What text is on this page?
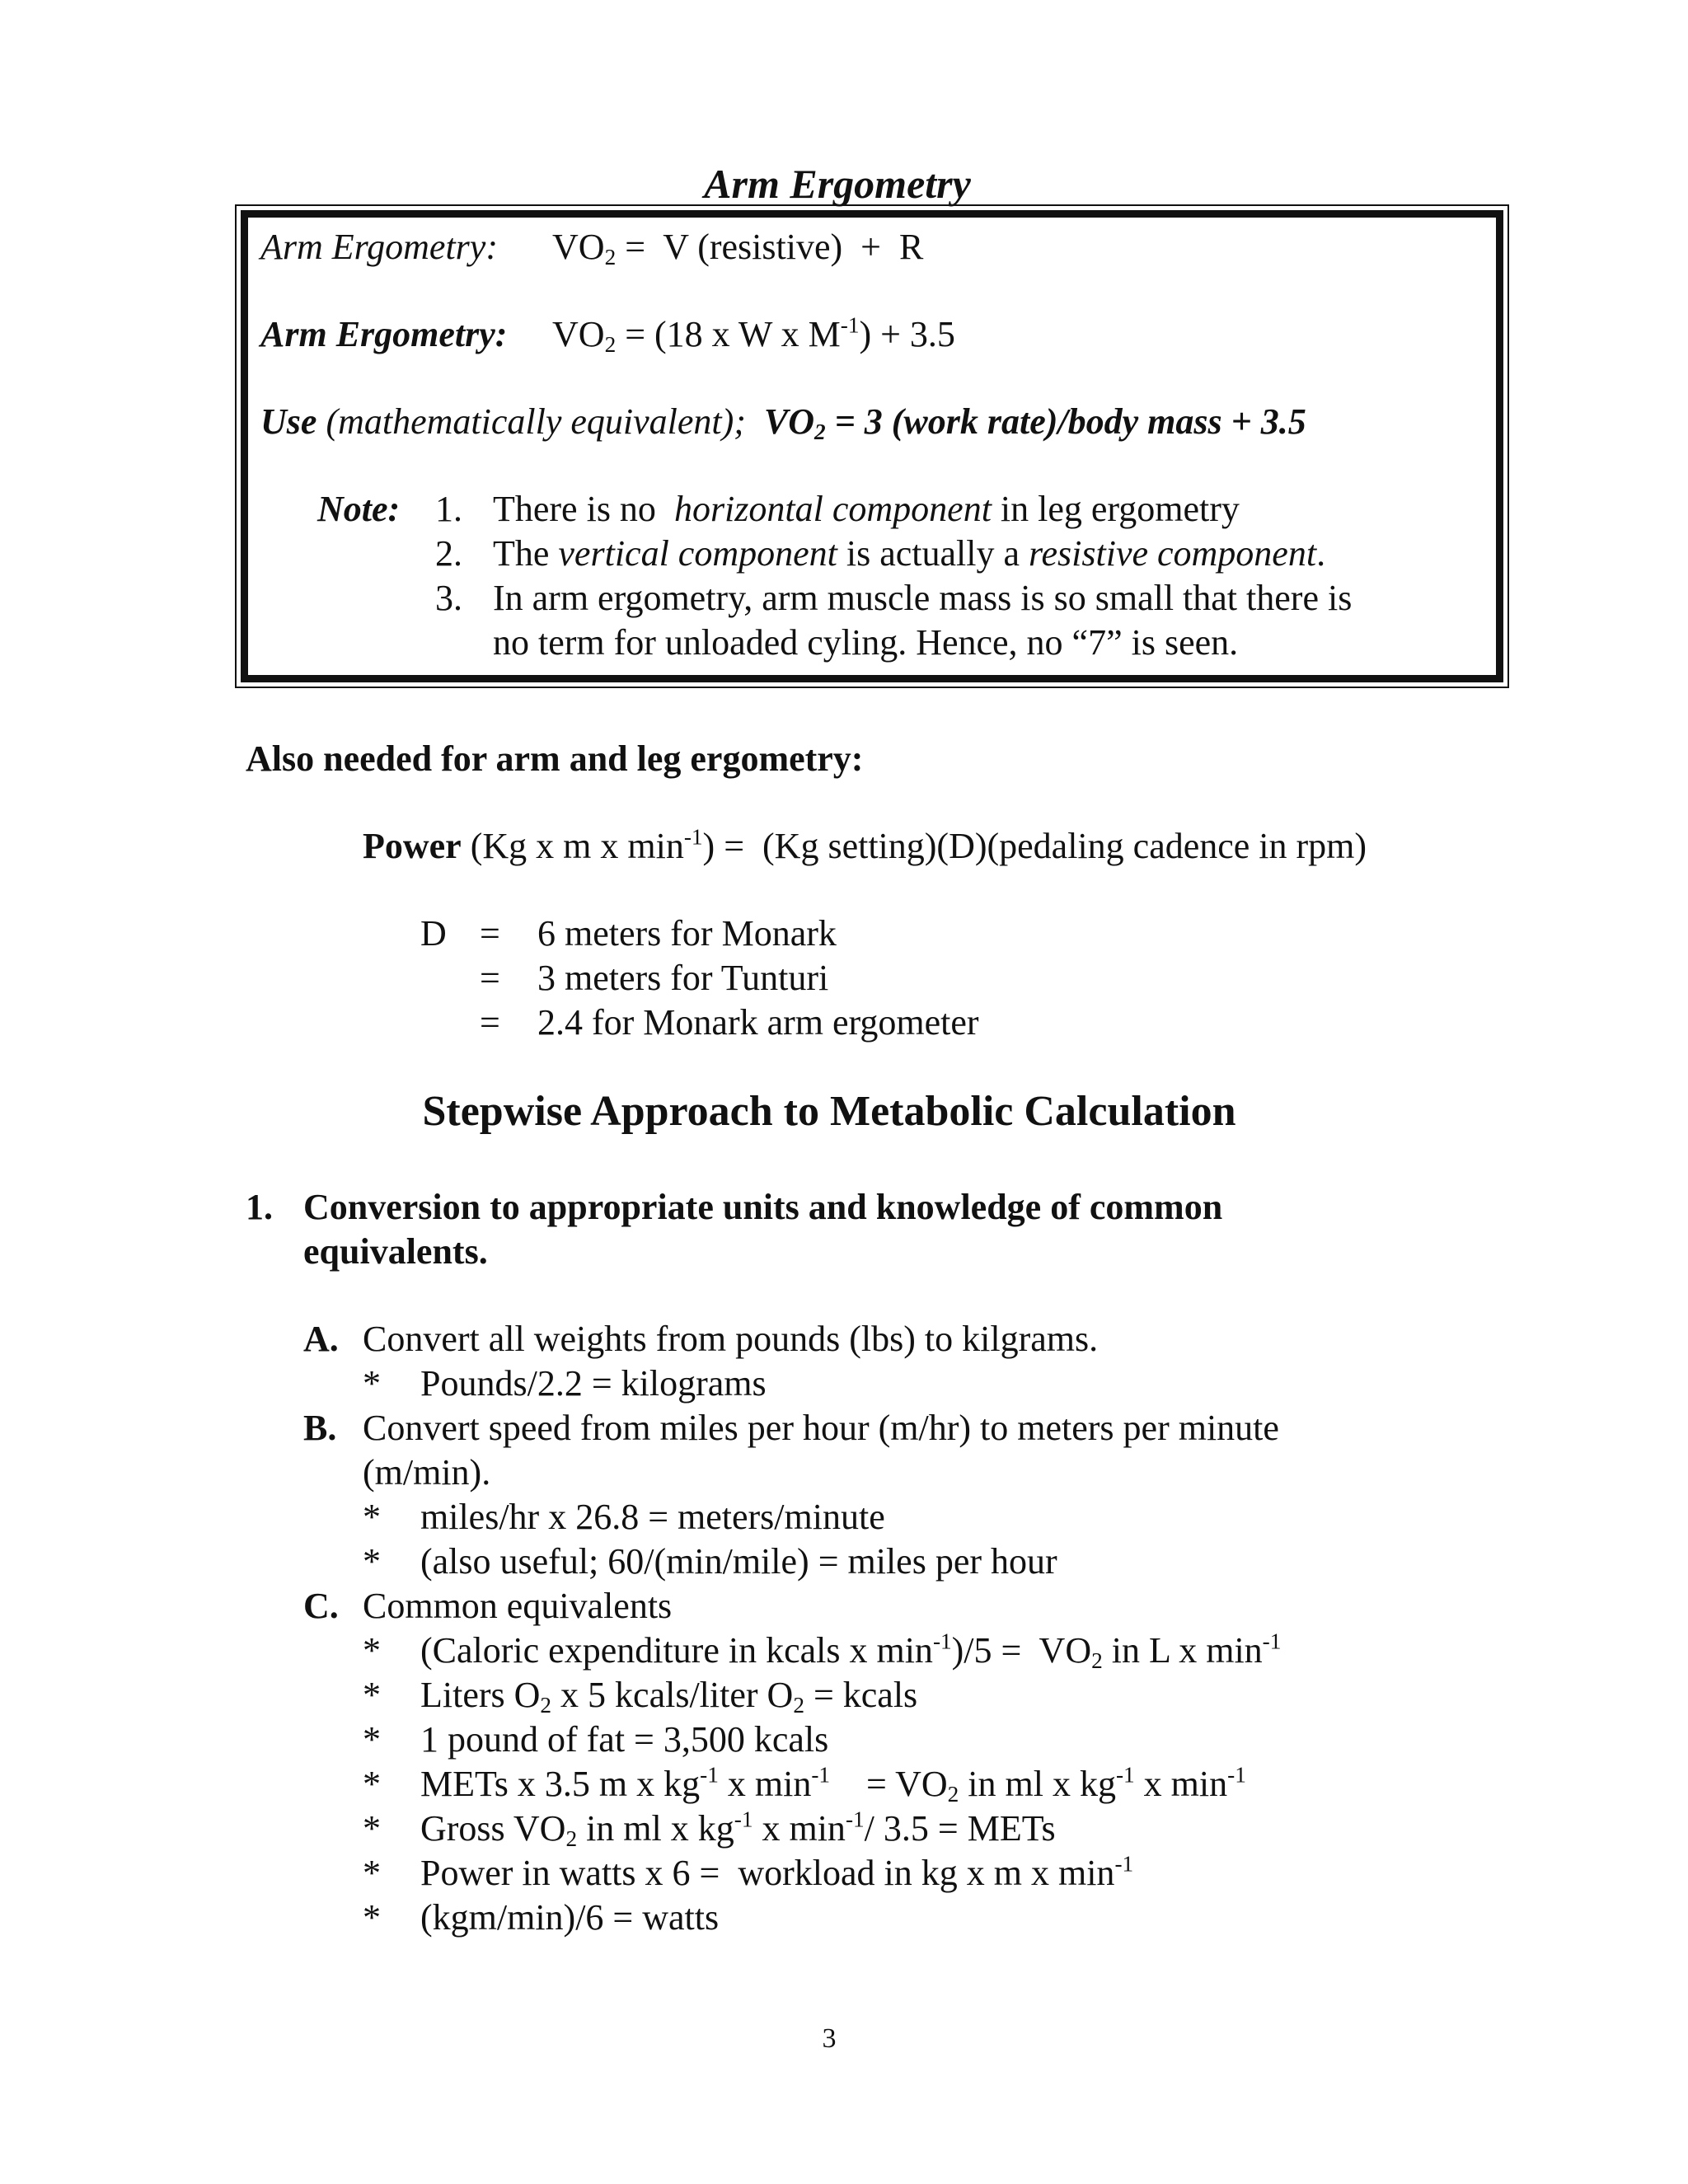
Arm Ergometry
Arm Ergometry: $VO_2 = V$ (resistive)  +  R
Arm Ergometry: $VO_2 = (18$ x W x $M^{-1}) + 3.5$
Use (mathematically equivalent);  $VO_2 = 3$ (work rate)/body mass + 3.5
Note: 1. There is no  horizontal component in leg ergometry
2. The vertical component is actually a resistive component.
3. In arm ergometry, arm muscle mass is so small that there is
no term for unloaded cyling. Hence, no “7” is seen.
Also needed for arm and leg ergometry:
Power (Kg x m x $\min^{-1}) = (Kg$ setting)(D)(pedaling cadence in rpm)
D = 6 meters for Monark
= 3 meters for Tunturi
= 2.4 for Monark arm ergometer
Stepwise Approach to Metabolic Calculation
1. Conversion to appropriate units and knowledge of common
equivalents.
A. Convert all weights from pounds (lbs) to kilgrams.
* Pounds/2.2 = kilograms
B. Convert speed from miles per hour (m/hr) to meters per minute
(m/min).
* miles/hr x 26.8 = meters/minute
* (also useful; 60/(min/mile) = miles per hour
C. Common equivalents
* (Caloric expenditure in kcals x $\min^{-1})/5 = VO_2$ in L x $\min^{-1}$
* Liters $O_2$ x 5 kcals/liter $O_2$ = kcals
* 1 pound of fat = 3,500 kcals
* METs x 3.5 m x $kg^{-1}$ x $\min^{-1}$    = $VO_2$ in ml x $kg^{-1}$ x $\min^{-1}$
* Gross $VO_2$ in ml x $kg^{-1}$ x $\min^{-1}/$ 3.5 = METs
* Power in watts x 6 =  workload in kg x m x $\min^{-1}$
* (kgm/min)/6 = watts
3
